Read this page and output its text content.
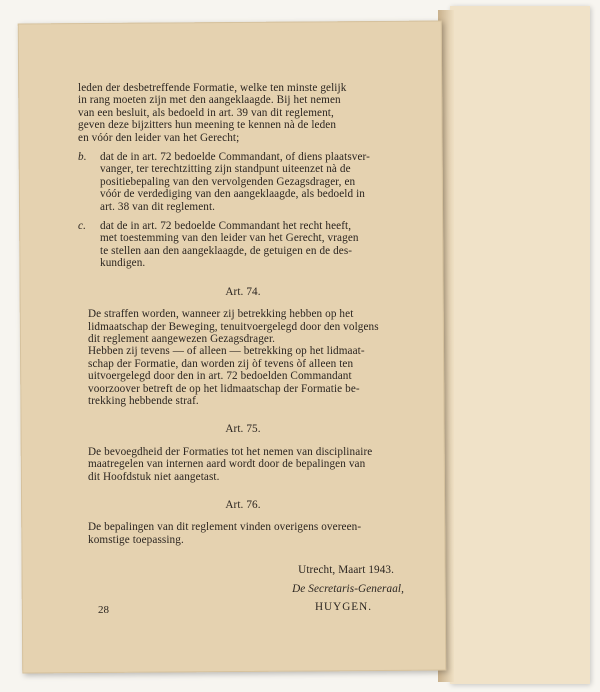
leden der desbetreffende Formatie, welke ten minste gelijk
in rang moeten zijn met den aangeklaagde. Bij het nemen
van een besluit, als bedoeld in art. 39 van dit reglement,
geven deze bijzitters hun meening te kennen nà de leden
en vóór den leider van het Gerecht;

b. dat de in art. 72 bedoelde Commandant, of diens plaatsver-
vanger, ter terechtzitting zijn standpunt uiteenzet nà de
positiebepaling van den vervolgenden Gezagsdrager, en
vóór de verdediging van den aangeklaagde, als bedoeld in
art. 38 van dit reglement.
c. dat de in art. 72 bedoelde Commandant het recht heeft,
met toestemming van den leider van het Gerecht, vragen
te stellen aan den aangeklaagde, de getuigen en de des-
kundigen.
Art. 74.

De straffen worden, wanneer zij betrekking hebben op het
lidmaatschap der Beweging, tenuitvoergelegd door den volgens
dit reglement aangewezen Gezagsdrager.

Hebben zij tevens — of alleen — betrekking op het lidmaat-
schap der Formatie, dan worden zij òf tevens òf alleen ten
uitvoergelegd door den in art. 72 bedoelden Commandant
voorzoover betreft de op het lidmaatschap der Formatie be-
trekking hebbende straf.

Art. 75.

De bevoegdheid der Formaties tot het nemen van disciplinaire
maatregelen van internen aard wordt door de bepalingen van
dit Hoofdstuk niet aangetast.

Art. 76.

De bepalingen van dit reglement vinden overigens overeen-
komstige toepassing.

Utrecht, Maart 1943.
De Secretaris-Generaal,
HUYGEN.
28
